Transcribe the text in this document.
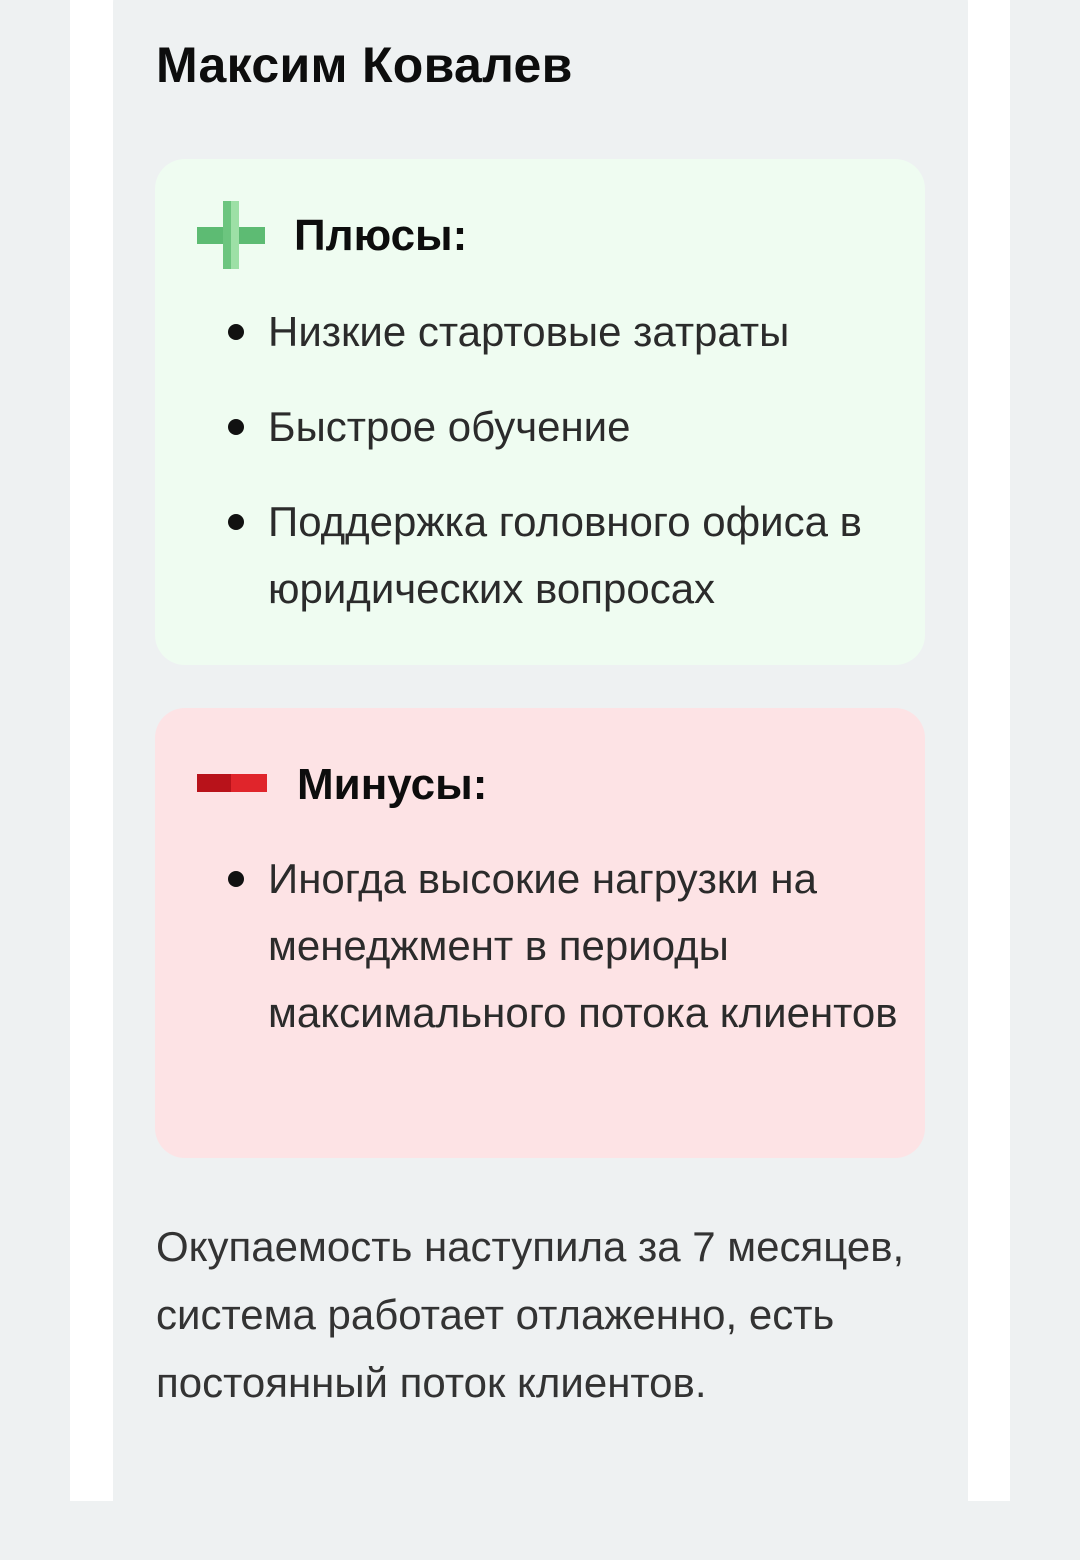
Максим Ковалев
Плюсы:
Низкие стартовые затраты
Быстрое обучение
Поддержка головного офиса в юридических вопросах
Минусы:
Иногда высокие нагрузки на менеджмент в периоды максимального потока клиентов

Окупаемость наступила за 7 месяцев, система работает отлаженно, есть постоянный поток клиентов.
